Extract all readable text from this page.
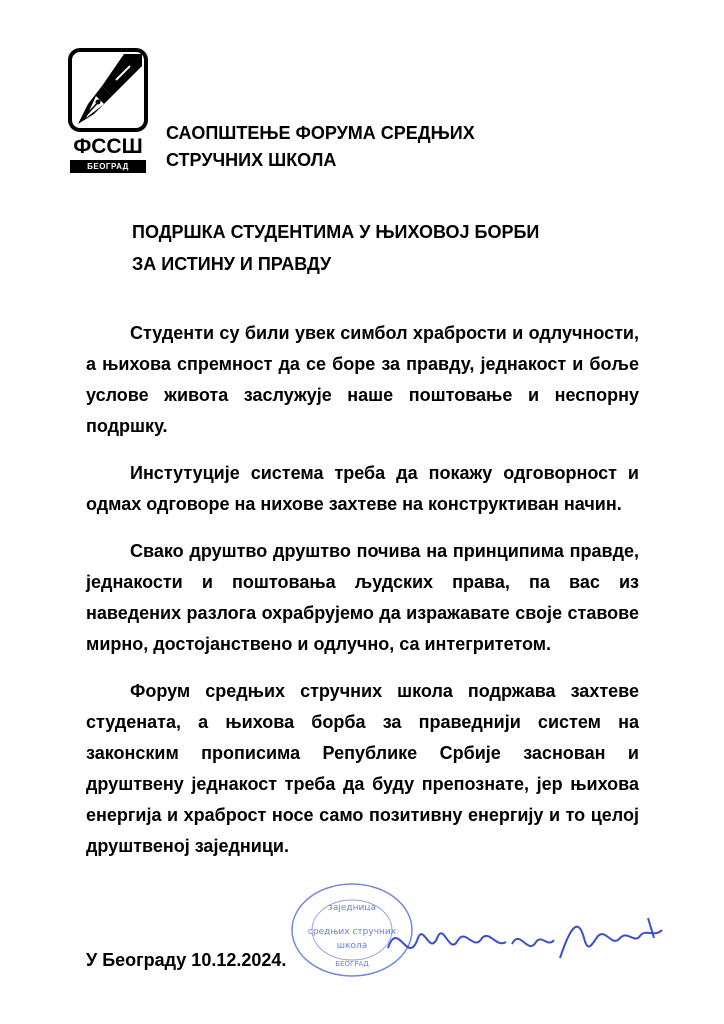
ФССШ
БЕОГРАД
САОПШТЕЊЕ ФОРУМА СРЕДЊИХ
СТРУЧНИХ ШКОЛА
ПОДРШКА СТУДЕНТИМА У ЊИХОВОЈ БОРБИ
ЗА ИСТИНУ И ПРАВДУ

Студенти су били увек симбол храбрости и одлучности, а њихова спремност да се боре за правду, једнакост и боље услове живота заслужује наше поштовање и неспорну подршку.

Инстутуције система треба да покажу одговорност и одмах одговоре на нихове захтеве на конструктиван начин.

Свако друштво друштво почива на принципима правде, једнакости и поштовања људских права, па вас из наведених разлога охрабрујемо да изражавате своје ставове мирно, достојанствено и одлучно, са интегритетом.

Форум средњих стручних школа подржава захтеве студената, а њихова борба за праведнији систем на законским прописима Републике Србије заснован и друштвену једнакост треба да буду препознате, јер њихова енергија и храброст носе само позитивну енергију и то целој друштвеној заједници.

заједница
средњих стручних
школа
БЕОГРАД
У Београду 10.12.2024.
